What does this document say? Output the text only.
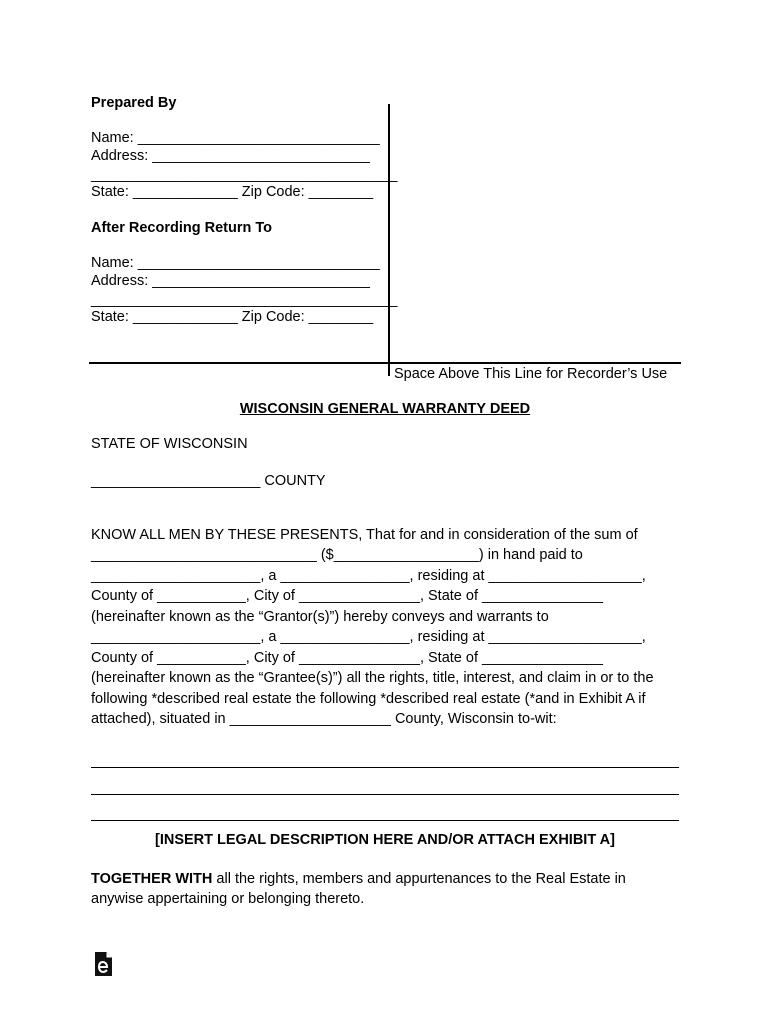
Prepared By
Name: ______________________________
Address: ___________________________
______________________________________
State: _____________ Zip Code: ________
After Recording Return To
Name: ______________________________
Address: ___________________________
______________________________________
State: _____________ Zip Code: ________
Space Above This Line for Recorder’s Use
WISCONSIN GENERAL WARRANTY DEED
STATE OF WISCONSIN
_____________________ COUNTY
KNOW ALL MEN BY THESE PRESENTS, That for and in consideration of the sum of
____________________________ ($__________________) in hand paid to
_____________________, a ________________, residing at ___________________,
County of ___________, City of _______________, State of _______________
(hereinafter known as the “Grantor(s)”) hereby conveys and warrants to
_____________________, a ________________, residing at ___________________,
County of ___________, City of _______________, State of _______________
(hereinafter known as the “Grantee(s)”) all the rights, title, interest, and claim in or to the
following *described real estate the following *described real estate (*and in Exhibit A if
attached), situated in ____________________ County, Wisconsin to-wit:
[INSERT LEGAL DESCRIPTION HERE AND/OR ATTACH EXHIBIT A]
TOGETHER WITH all the rights, members and appurtenances to the Real Estate in
anywise appertaining or belonging thereto.
